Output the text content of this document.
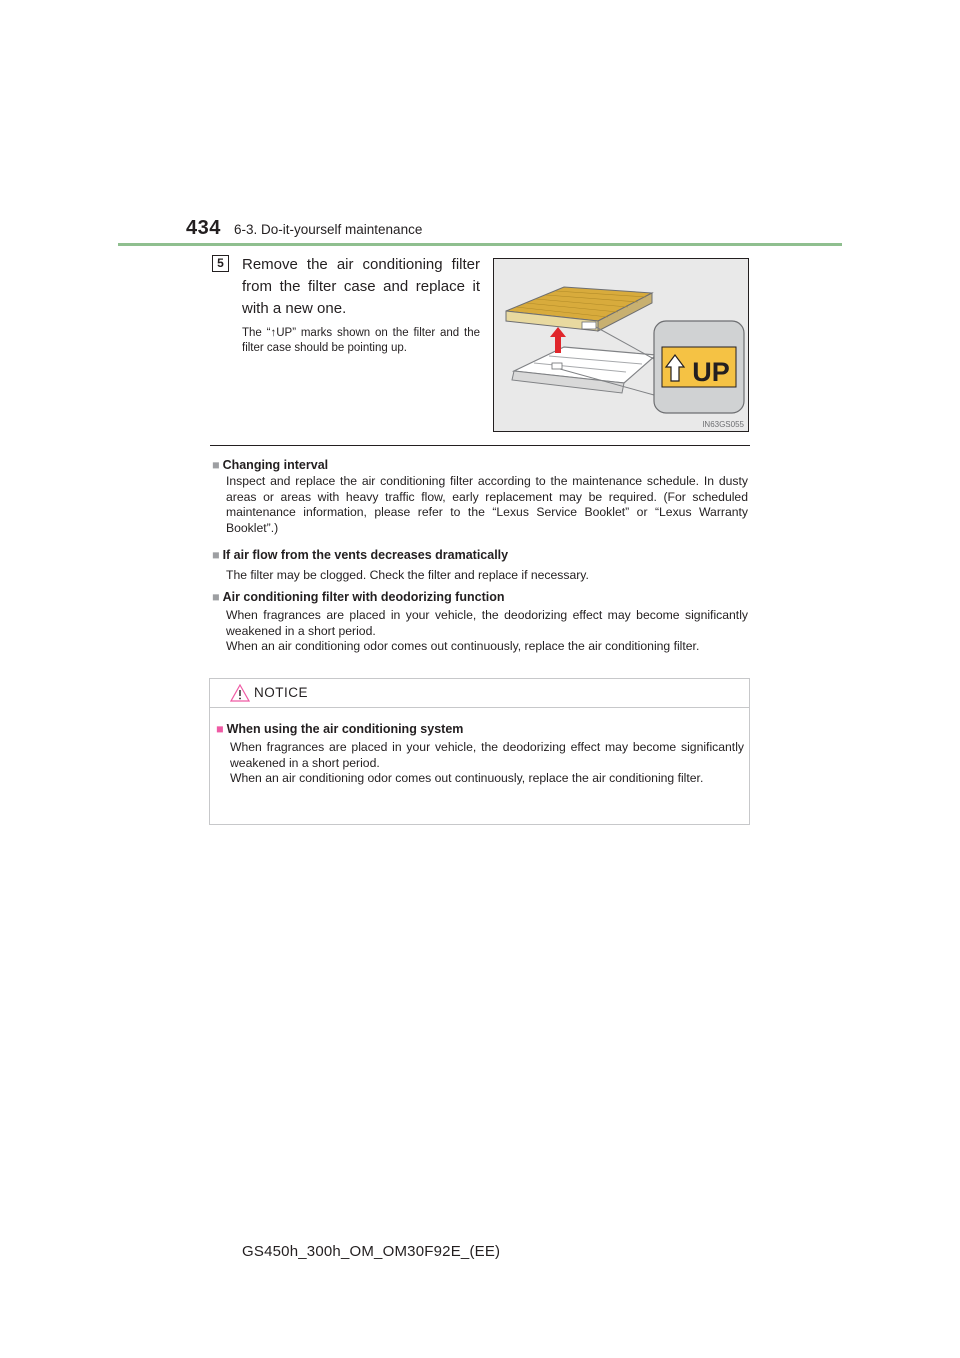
434 6-3. Do-it-yourself maintenance
5	Remove the air conditioning filter from the filter case and replace it with a new one.
The “↑UP” marks shown on the filter and the filter case should be pointing up.
UP
IN63GS055
■ Changing interval

Inspect and replace the air conditioning filter according to the maintenance schedule. In dusty areas or areas with heavy traffic flow, early replacement may be required. (For scheduled maintenance information, please refer to the “Lexus Service Booklet” or “Lexus Warranty Booklet”.)

■ If air flow from the vents decreases dramatically

The filter may be clogged. Check the filter and replace if necessary.

■ Air conditioning filter with deodorizing function

When fragrances are placed in your vehicle, the deodorizing effect may become significantly weakened in a short period.

When an air conditioning odor comes out continuously, replace the air conditioning filter.

NOTICE
■ When using the air conditioning system

When fragrances are placed in your vehicle, the deodorizing effect may become significantly weakened in a short period.

When an air conditioning odor comes out continuously, replace the air conditioning filter.

GS450h_300h_OM_OM30F92E_(EE)
